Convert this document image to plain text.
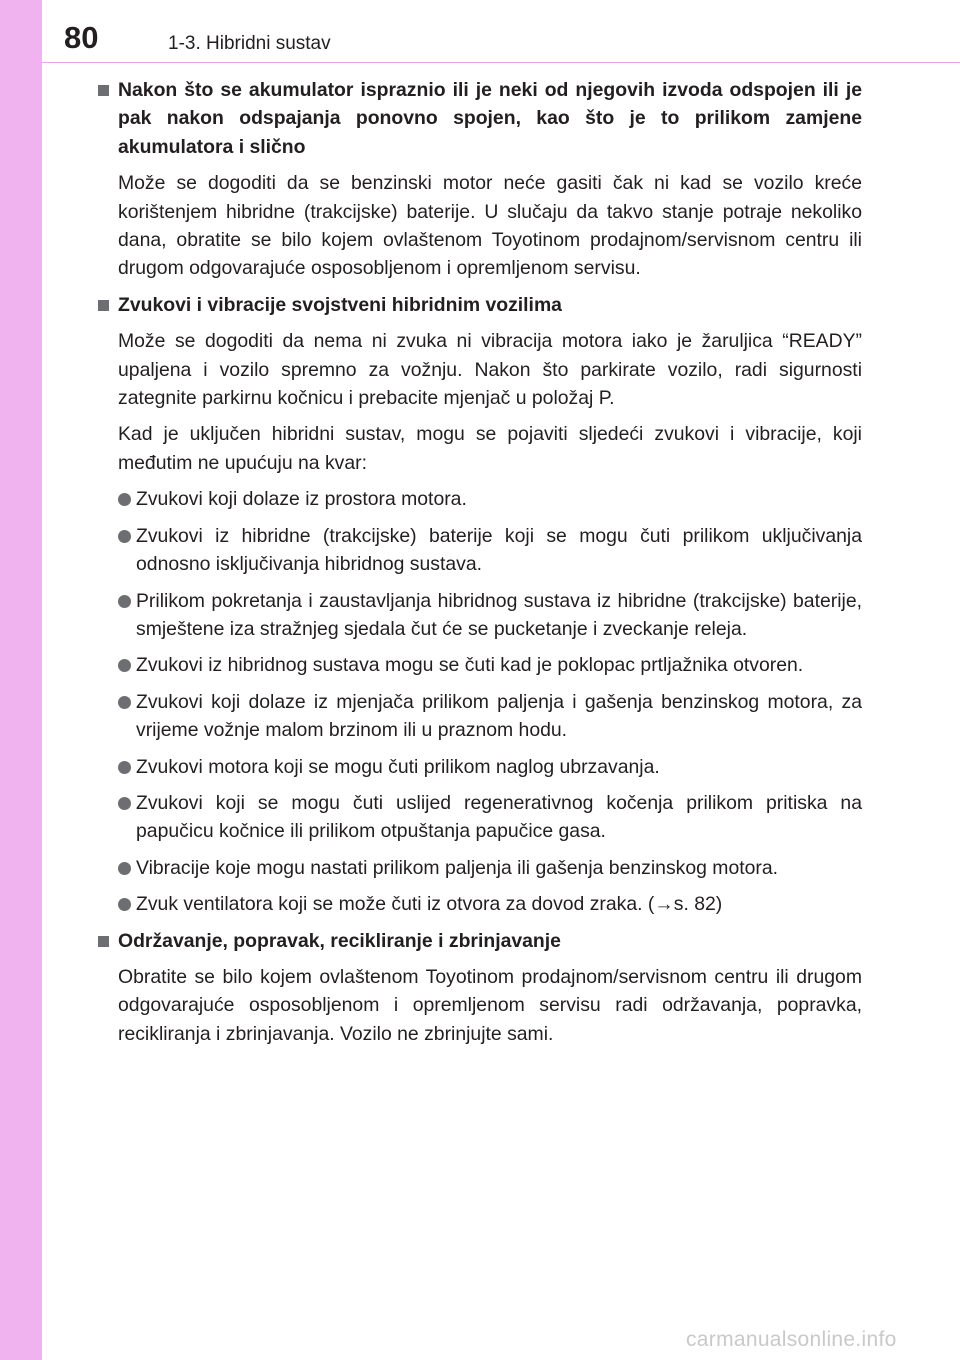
80	1-3. Hibridni sustav
Nakon što se akumulator ispraznio ili je neki od njegovih izvoda odspojen ili je pak nakon odspajanja ponovno spojen, kao što je to prilikom zamjene akumulatora i slično
Može se dogoditi da se benzinski motor neće gasiti čak ni kad se vozilo kreće korištenjem hibridne (trakcijske) baterije. U slučaju da takvo stanje potraje nekoliko dana, obratite se bilo kojem ovlaštenom Toyotinom prodajnom/servisnom centru ili drugom odgovarajuće osposobljenom i opremljenom servisu.
Zvukovi i vibracije svojstveni hibridnim vozilima
Može se dogoditi da nema ni zvuka ni vibracija motora iako je žaruljica “READY” upaljena i vozilo spremno za vožnju. Nakon što parkirate vozilo, radi sigurnosti zategnite parkirnu kočnicu i prebacite mjenjač u položaj P.
Kad je uključen hibridni sustav, mogu se pojaviti sljedeći zvukovi i vibracije, koji međutim ne upućuju na kvar:
Zvukovi koji dolaze iz prostora motora.
Zvukovi iz hibridne (trakcijske) baterije koji se mogu čuti prilikom uključivanja odnosno isključivanja hibridnog sustava.
Prilikom pokretanja i zaustavljanja hibridnog sustava iz hibridne (trakcijske) baterije, smještene iza stražnjeg sjedala čut će se pucketanje i zveckanje releja.
Zvukovi iz hibridnog sustava mogu se čuti kad je poklopac prtljažnika otvoren.
Zvukovi koji dolaze iz mjenjača prilikom paljenja i gašenja benzinskog motora, za vrijeme vožnje malom brzinom ili u praznom hodu.
Zvukovi motora koji se mogu čuti prilikom naglog ubrzavanja.
Zvukovi koji se mogu čuti uslijed regenerativnog kočenja prilikom pritiska na papučicu kočnice ili prilikom otpuštanja papučice gasa.
Vibracije koje mogu nastati prilikom paljenja ili gašenja benzinskog motora.
Zvuk ventilatora koji se može čuti iz otvora za dovod zraka. (→s. 82)
Održavanje, popravak, recikliranje i zbrinjavanje
Obratite se bilo kojem ovlaštenom Toyotinom prodajnom/servisnom centru ili drugom odgovarajuće osposobljenom i opremljenom servisu radi održavanja, popravka, recikliranja i zbrinjavanja. Vozilo ne zbrinjujte sami.
carmanualsonline.info
